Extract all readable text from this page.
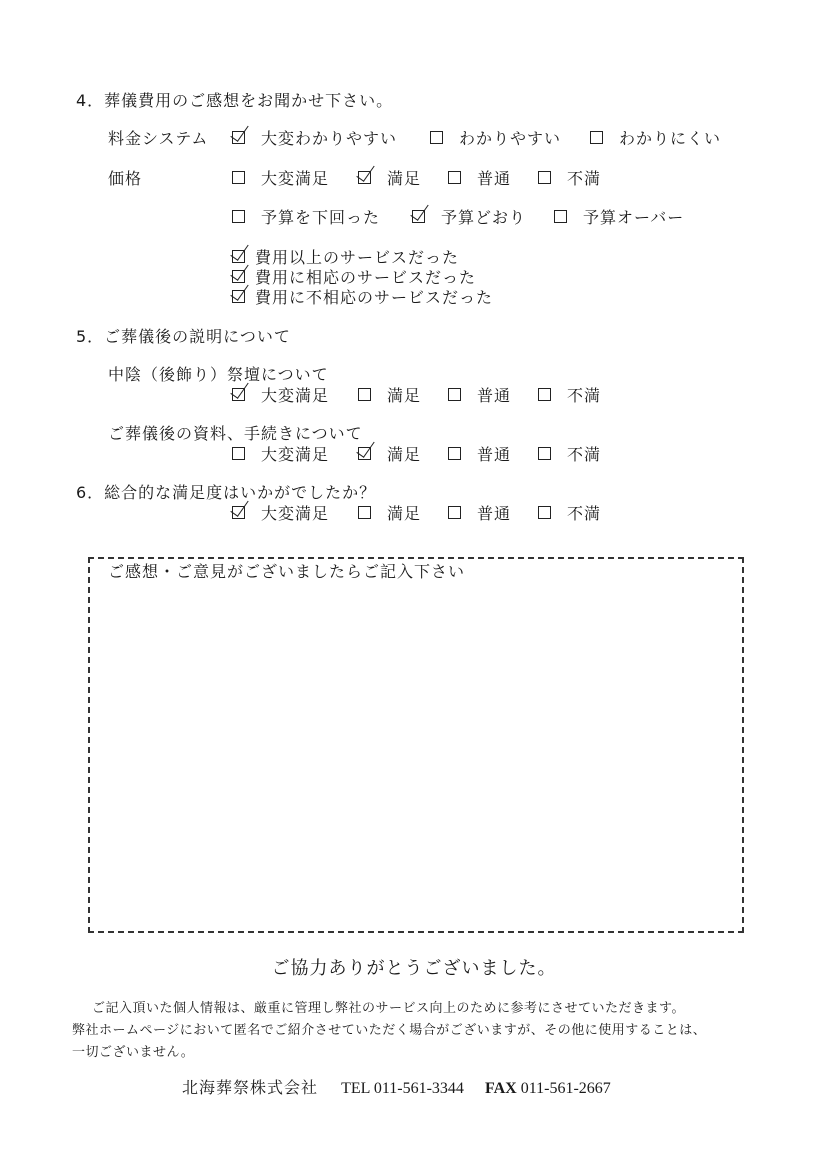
4．葬儀費用のご感想をお聞かせ下さい。
料金システム	大変わかりやすい	わかりやすい	わかりにくい
価格	大変満足	満足	普通	不満
予算を下回った	予算どおり	予算オーバー
費用以上のサービスだった
費用に相応のサービスだった
費用に不相応のサービスだった
5．ご葬儀後の説明について
中陰（後飾り）祭壇について
大変満足	満足	普通	不満
ご葬儀後の資料、手続きについて
大変満足	満足	普通	不満
6．総合的な満足度はいかがでしたか？
大変満足	満足	普通	不満
ご感想・ご意見がございましたらご記入下さい
ご協力ありがとうございました。
ご記入頂いた個人情報は、厳重に管理し弊社のサービス向上のために参考にさせていただきます。
弊社ホームページにおいて匿名でご紹介させていただく場合がございますが、その他に使用することは、
一切ございません。
北海葬祭株式会社 TEL 011-561-3344 FAX 011-561-2667
